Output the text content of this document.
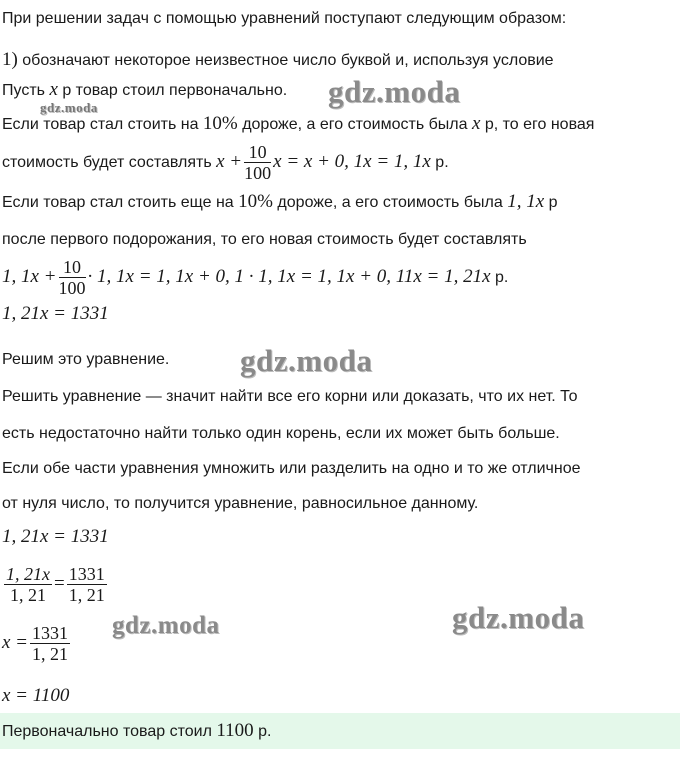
При решении задач с помощью уравнений поступают следующим образом:
1) обозначают некоторое неизвестное число буквой и, используя условие
Пусть x р товар стоил первоначально.
Если товар стал стоить на 10% дороже, а его стоимость была x р, то его новая
стоимость будет составлять $x + \frac{10}{100}$ x = x + 0, 1x = 1, 1x р.
Если товар стал стоить еще на 10% дороже, а его стоимость была 1, 1x р
после первого подорожания, то его новая стоимость будет составлять
1, $1x + \frac{10}{100} \cdot 1$, 1x = 1, 1x + 0, 1 · 1, 1x = 1, 1x + 0, 11x = 1, 21x р.
1, 21x = 1331
Решим это уравнение.
Решить уравнение — значит найти все его корни или доказать, что их нет. То
есть недостаточно найти только один корень, если их может быть больше.
Если обе части уравнения умножить или разделить на одно и то же отличное
от нуля число, то получится уравнение, равносильное данному.
1, 21x = 1331
$\frac{1, 21x}{1, 21} = \frac{1331}{1, 21}$
$x = \frac{1331}{1, 21}$
x = 1100
Первоначально товар стоил 1100 р.
gdz.moda
gdz.moda
gdz.moda
gdz.moda	gdz.moda
